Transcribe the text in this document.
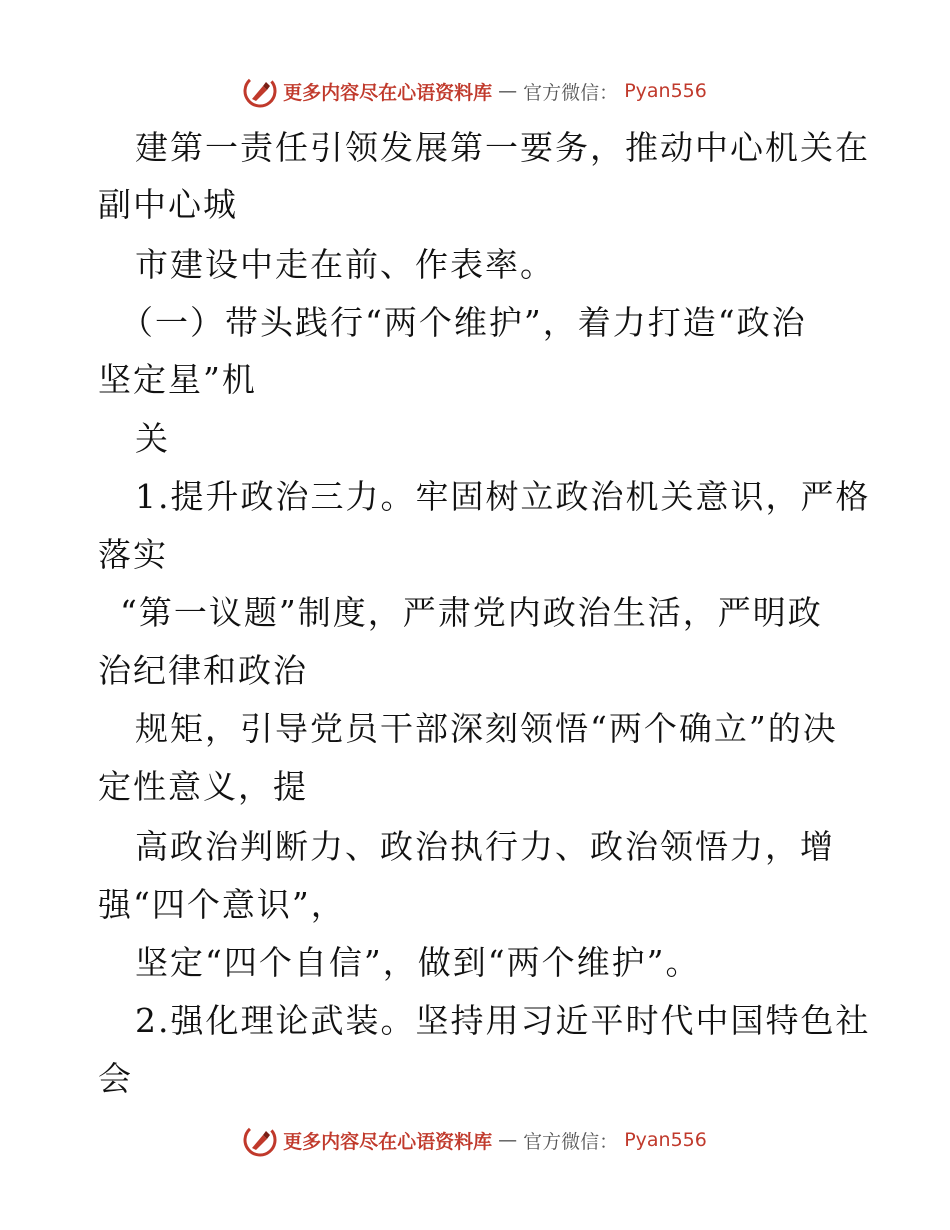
更多内容尽在心语资料库 — 官方微信： Pyan556
建第一责任引领发展第一要务，推动中心机关在
副中心城
市建设中走在前、作表率。
（一）带头践行“两个维护”，着力打造“政治
坚定星”机
关
1.提升政治三力。牢固树立政治机关意识，严格
落实
“第一议题”制度，严肃党内政治生活，严明政
治纪律和政治
规矩，引导党员干部深刻领悟“两个确立”的决
定性意义，提
高政治判断力、政治执行力、政治领悟力，增
强“四个意识”，
坚定“四个自信”，做到“两个维护”。
2.强化理论武装。坚持用习近平时代中国特色社
会
更多内容尽在心语资料库 — 官方微信： Pyan556
